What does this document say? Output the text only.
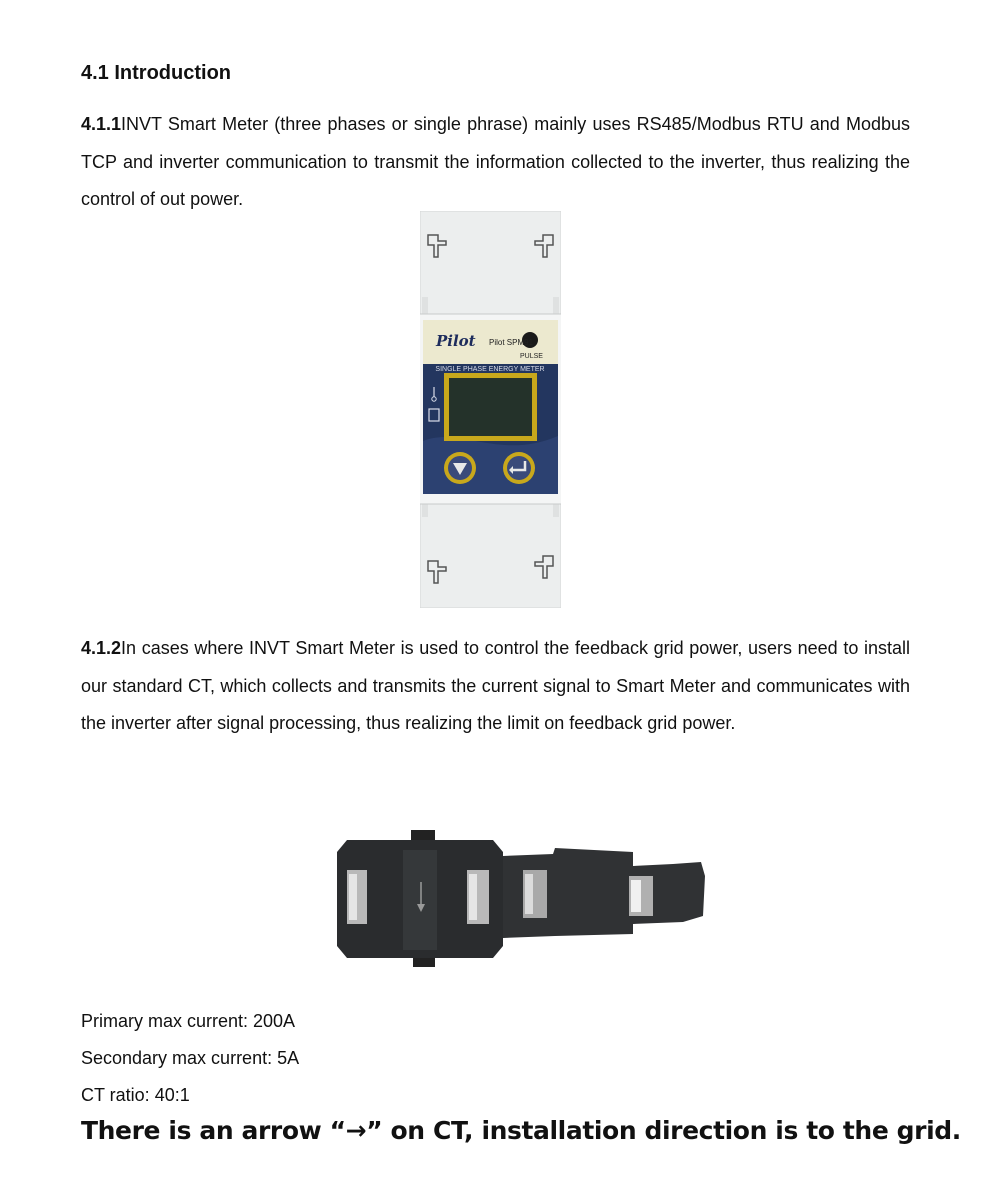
4.1 Introduction

4.1.1INVT Smart Meter (three phases or single phrase) mainly uses RS485/Modbus RTU and Modbus TCP and inverter communication to transmit the information collected to the inverter, thus realizing the control of out power.

Pilot Pilot SPM91
PULSE
SINGLE PHASE ENERGY METER

4.1.2In cases where INVT Smart Meter is used to control the feedback grid power, users need to install our standard CT, which collects and transmits the current signal to Smart Meter and communicates with the inverter after signal processing, thus realizing the limit on feedback grid power.

Primary max current: 200A

Secondary max current: 5A

CT ratio: 40:1

There is an arrow “→” on CT, installation direction is to the grid.
